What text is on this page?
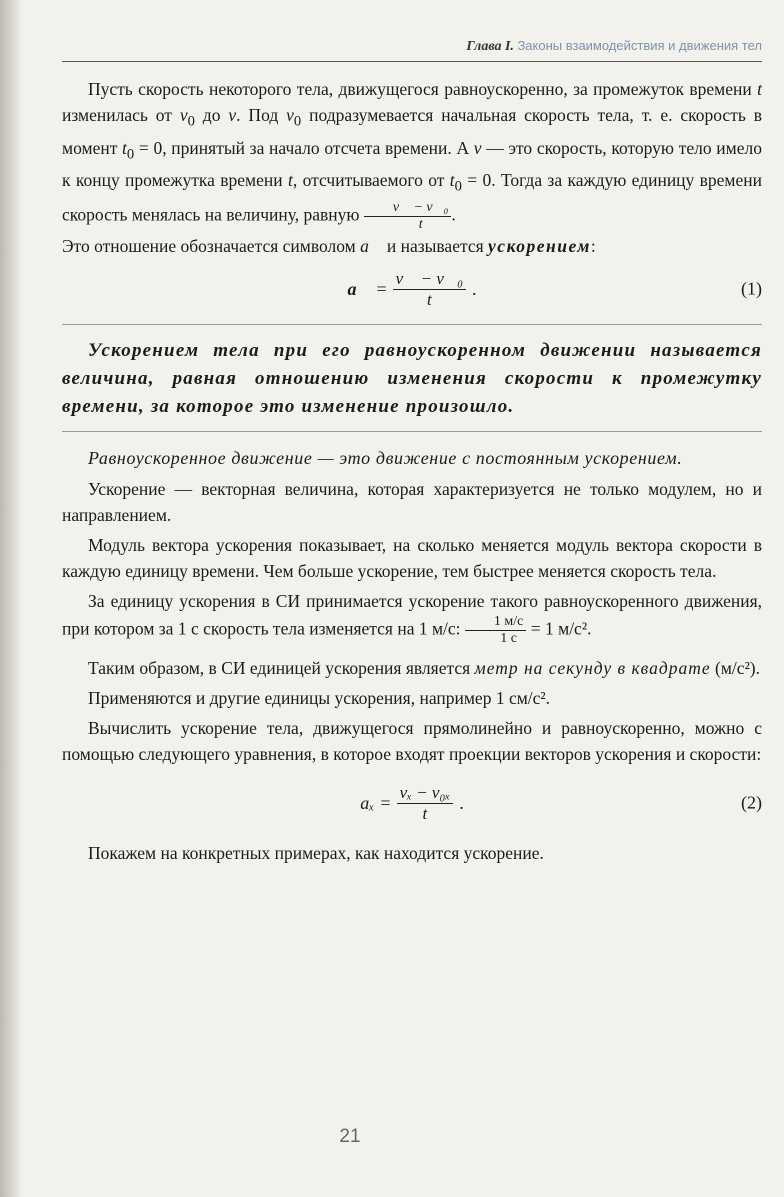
Глава I. Законы взаимодействия и движения тел

Пусть скорость некоторого тела, движущегося равноускоренно, за промежуток времени t изменилась от $v_0$ до v. Под $v_0$ подразумевается начальная скорость тела, т. е. скорость в момент $t_0 = 0$, принятый за начало отсчета времени. А v — это скорость, которую тело имело к концу промежутка времени t, отсчитываемого от $t_0 = 0$. Тогда за каждую единицу времени скорость менялась на величину, равную $\frac{\text{v⃗ − v⃗₀}}{t}$ .

Это отношение обозначается символом a⃗ и называется ускорением:

a⃗ = $\frac{\text{v⃗ − v⃗₀}}{t}$ .	(1)
Ускорением тела при его равноускоренном движении называется величина, равная отношению изменения скорости к промежутку времени, за которое это изменение произошло.
Равноускоренное движение — это движение с постоянным ускорением.

Ускорение — векторная величина, которая характеризуется не только модулем, но и направлением.

Модуль вектора ускорения показывает, на сколько меняется модуль вектора скорости в каждую единицу времени. Чем больше ускорение, тем быстрее меняется скорость тела.

За единицу ускорения в СИ принимается ускорение такого равноускоренного движения, при котором за 1 с скорость тела изменяется на 1 м/с: $\frac{1 м/с}{1 с} = 1$ м/с².

Таким образом, в СИ единицей ускорения является метр на секунду в квадрате (м/с²).

Применяются и другие единицы ускорения, например 1 см/с².

Вычислить ускорение тела, движущегося прямолинейно и равноускоренно, можно с помощью следующего уравнения, в которое входят проекции векторов ускорения и скорости:

$a_x = \frac{\text{vₓ − v₀ₓ}}{t}$ .	(2)

Покажем на конкретных примерах, как находится ускорение.

21
